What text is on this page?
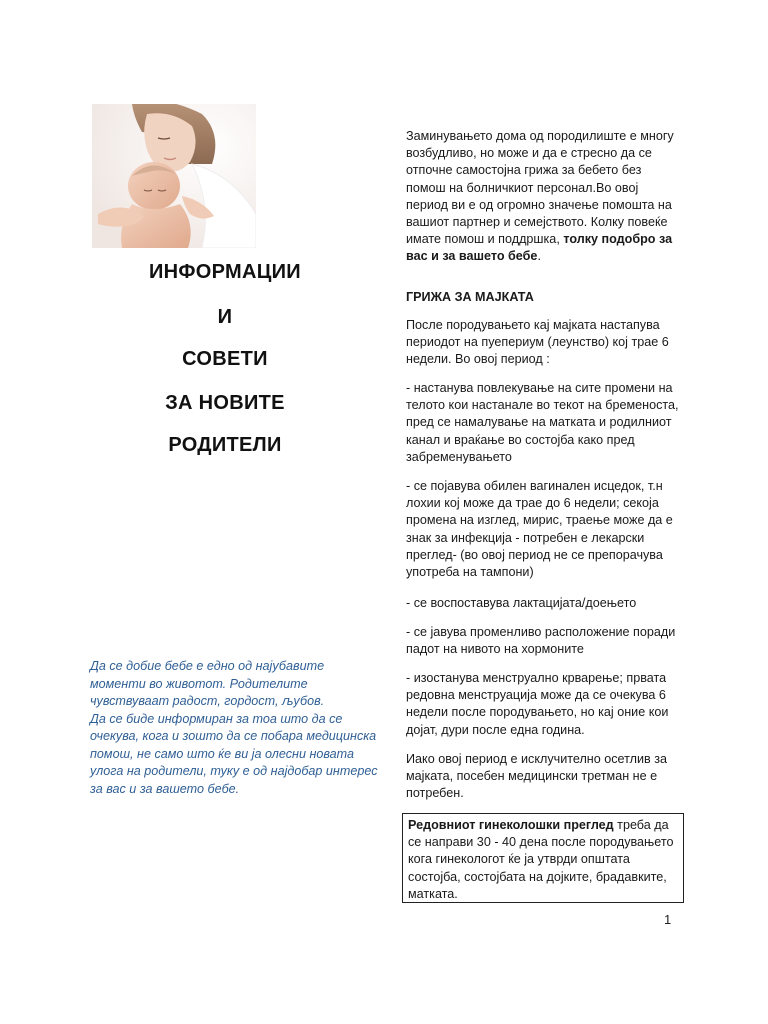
ИНФОРМАЦИИ
И
СОВЕТИ
ЗА НОВИТЕ
РОДИТЕЛИ

Да се добие бебе е едно од најубавите моменти во животот. Родителите чувствуваат радост, гордост, љубов.

Да се биде информиран за тоа што да се очекува, кога и зошто да се побара медицинска помош, не само што ќе ви ја олесни новата улога на родители, туку е од најдобар интерес за вас и за вашето бебе.

Заминувањето дома од породилиште е многу возбудливо, но може и да е стресно да се отпочне самостојна грижа за бебето без помош на болничкиот персонал.Во овој период ви е од огромно значење помошта на вашиот партнер и семејството. Колку повеќе имате помош и поддршка, толку подобро за вас и за вашето бебе.

ГРИЖА ЗА МАЈКАТА

После породувањето кај мајката настапува периодот на пуепериум (леунство) кој трае 6 недели. Во овој период :

- настанува повлекување на сите промени на телото кои настанале во текот на бременоста, пред се намалување на матката и родилниот канал и враќање во состојба како пред забременувањето

- се појавува обилен вагинален исцедок, т.н лохии кој може да трае до 6 недели; секоја промена на изглед, мирис, траење може да е знак за инфекција - потребен е лекарски преглед- (во овој период не се препорачува употреба на тампони)

- се воспоставува лактацијата/доењето

- се јавува променливо расположение поради падот на нивото на хормоните

- изостанува менструално крварење; првата редовна менструација може да се очекува 6 недели после породувањето, но кај оние кои дојат, дури после една година.

Иако овој период е исклучително осетлив за мајката, посебен медицински третман не е потребен.

Редовниот гинеколошки преглед треба да се направи 30 - 40 дена после породувањето кога гинекологот ќе ја утврди општата состојба, состојбата на дојките, брадавките, матката.
1
